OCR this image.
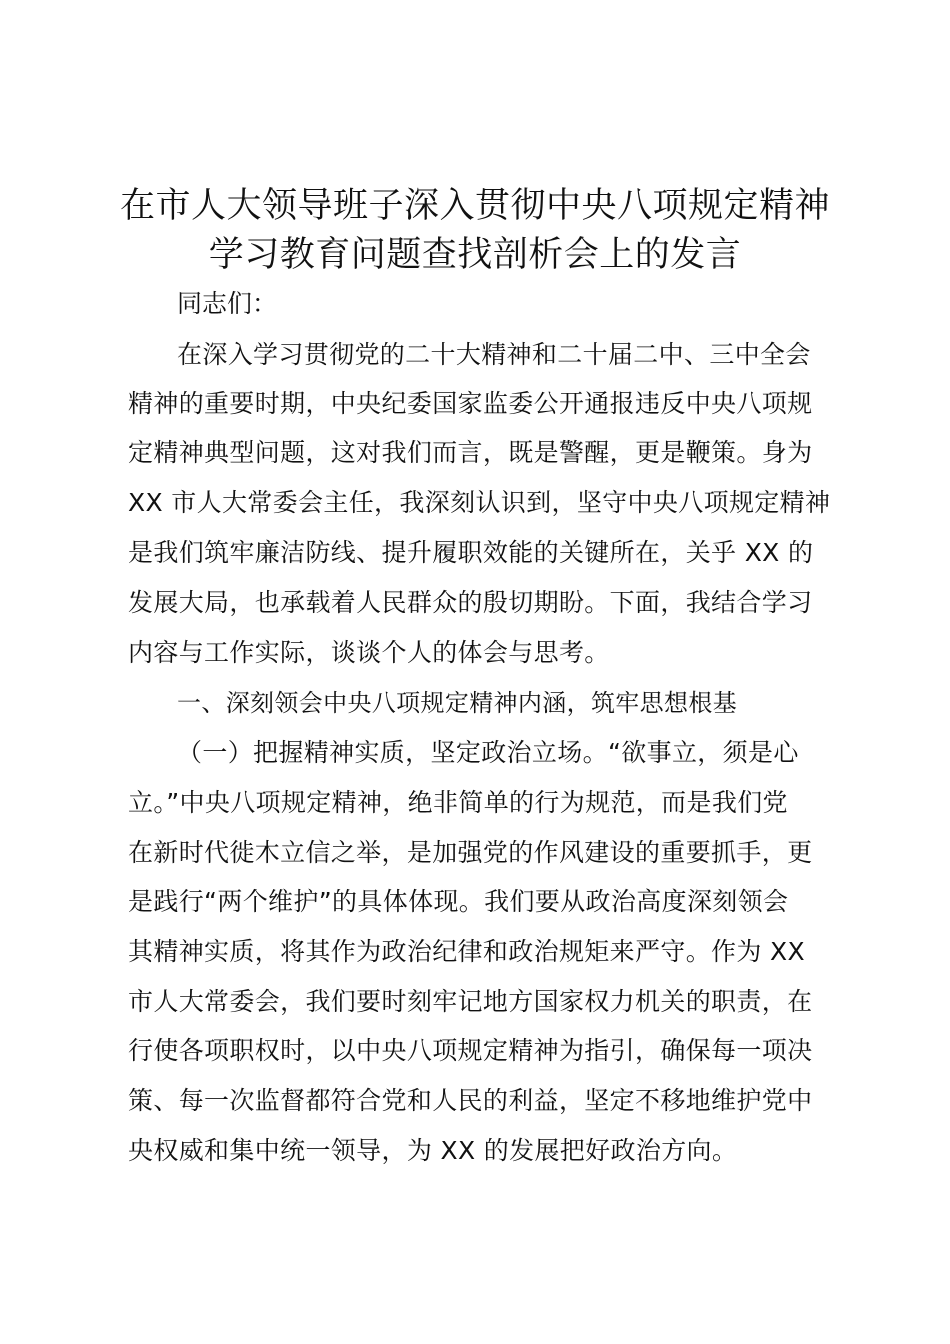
在市人大领导班子深入贯彻中央八项规定精神
学习教育问题查找剖析会上的发言
同志们：
在深入学习贯彻党的二十大精神和二十届二中、三中全会
精神的重要时期，中央纪委国家监委公开通报违反中央八项规
定精神典型问题，这对我们而言，既是警醒，更是鞭策。身为
XX 市人大常委会主任，我深刻认识到，坚守中央八项规定精神
是我们筑牢廉洁防线、提升履职效能的关键所在，关乎 XX 的
发展大局，也承载着人民群众的殷切期盼。下面，我结合学习
内容与工作实际，谈谈个人的体会与思考。
一、深刻领会中央八项规定精神内涵，筑牢思想根基
（一）把握精神实质，坚定政治立场。“欲事立，须是心
立。”中央八项规定精神，绝非简单的行为规范，而是我们党
在新时代徙木立信之举，是加强党的作风建设的重要抓手，更
是践行“两个维护”的具体体现。我们要从政治高度深刻领会
其精神实质，将其作为政治纪律和政治规矩来严守。作为 XX
市人大常委会，我们要时刻牢记地方国家权力机关的职责，在
行使各项职权时，以中央八项规定精神为指引，确保每一项决
策、每一次监督都符合党和人民的利益，坚定不移地维护党中
央权威和集中统一领导，为 XX 的发展把好政治方向。
